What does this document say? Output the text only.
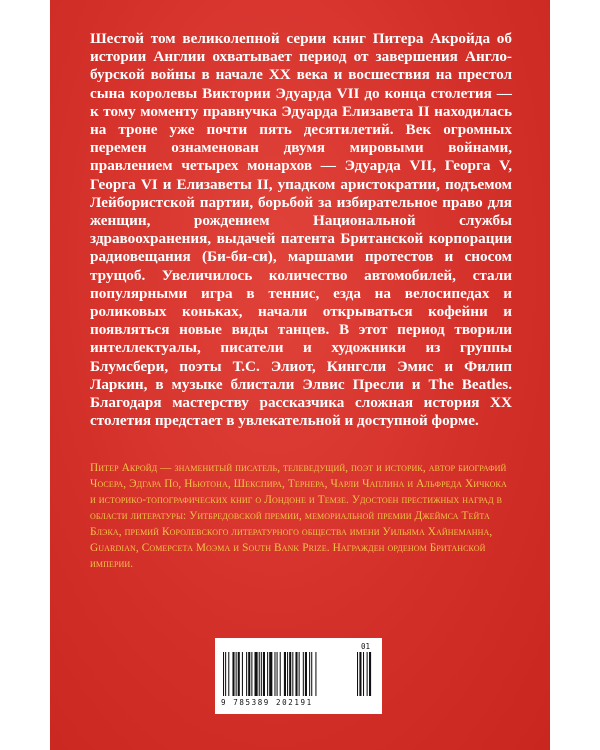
Шестой том великолепной серии книг Питера Акройда об истории Англии охватывает период от завершения Англо-бурской войны в начале XX века и восшествия на престол сына королевы Виктории Эдуарда VII до конца столетия — к тому моменту правнучка Эдуарда Елизавета II находилась на троне уже почти пять десятилетий. Век огромных перемен ознаменован двумя мировыми войнами, правлением четырех монархов — Эдуарда VII, Георга V, Георга VI и Елизаветы II, упадком аристократии, подъемом Лейбористской партии, борьбой за избирательное право для женщин, рождением Национальной службы здравоохранения, выдачей патента Британской корпорации радиовещания (Би-би-си), маршами протестов и сносом трущоб. Увеличилось количество автомобилей, стали популярными игра в теннис, езда на велосипедах и роликовых коньках, начали открываться кофейни и появляться новые виды танцев. В этот период творили интеллектуалы, писатели и художники из группы Блумсбери, поэты Т.С. Элиот, Кингсли Эмис и Филип Ларкин, в музыке блистали Элвис Пресли и The Beatles. Благодаря мастерству рассказчика сложная история XX столетия предстает в увлекательной и доступной форме.

Питер Акройд — знаменитый писатель, телеведущий, поэт и историк, автор биографий Чосера, Эдгара По, Ньютона, Шекспира, Тернера, Чарли Чаплина и Альфреда Хичкока и историко-топографических книг о Лондоне и Темзе. Удостоен престижных наград в области литературы: Уитбредовской премии, мемориальной премии Джеймса Тейта Блэка, премий Королевского литературного общества имени Уильяма Хайнеманна, Guardian, Сомерсета Моэма и South Bank Prize. Награжден орденом Британской империи.

9 785389 202191
01
